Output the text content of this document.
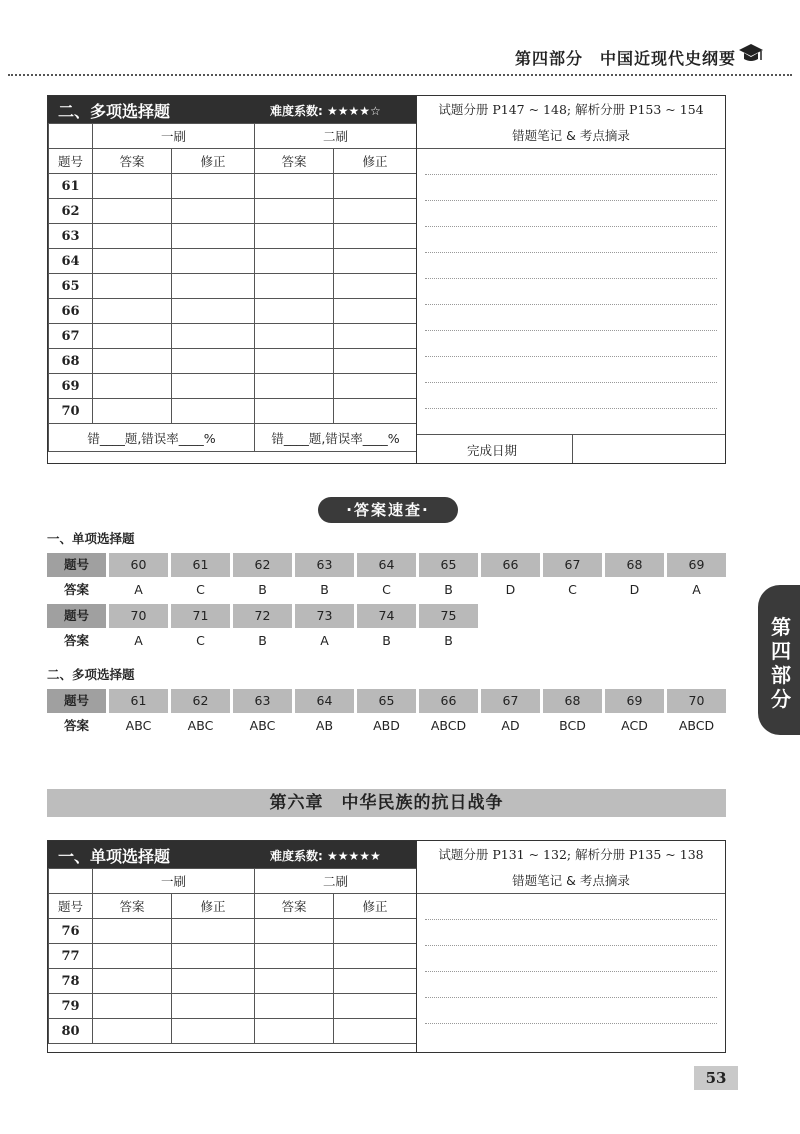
第四部分　中国近现代史纲要
二、多项选择题	难度系数: ★★★★☆	试题分册 P147 ~ 148; 解析分册 P153 ~ 154
	一刷		二刷	
题号	答案	修正	答案	修正
61				
62				
63				
64				
65				
66				
67				
68				
69				
70				
错____题,错误率____%			错____题,错误率____%	
错题笔记 & 考点摘录
完成日期
·答案速查·
一、单项选择题
题号	60	61	62	63	64	65	66	67	68	69
答案	A	C	B	B	C	B	D	C	D	A
题号	70	71	72	73	74	75
答案	A	C	B	A	B	B
二、多项选择题
题号	61	62	63	64	65	66	67	68	69	70
答案	ABC	ABC	ABC	AB	ABD	ABCD	AD	BCD	ACD	ABCD
第六章　中华民族的抗日战争
一、单项选择题	难度系数: ★★★★★	试题分册 P131 ~ 132; 解析分册 P135 ~ 138
	一刷		二刷	
题号	答案	修正	答案	修正
76				
77				
78				
79				
80				
错题笔记 & 考点摘录
第四部分
53
